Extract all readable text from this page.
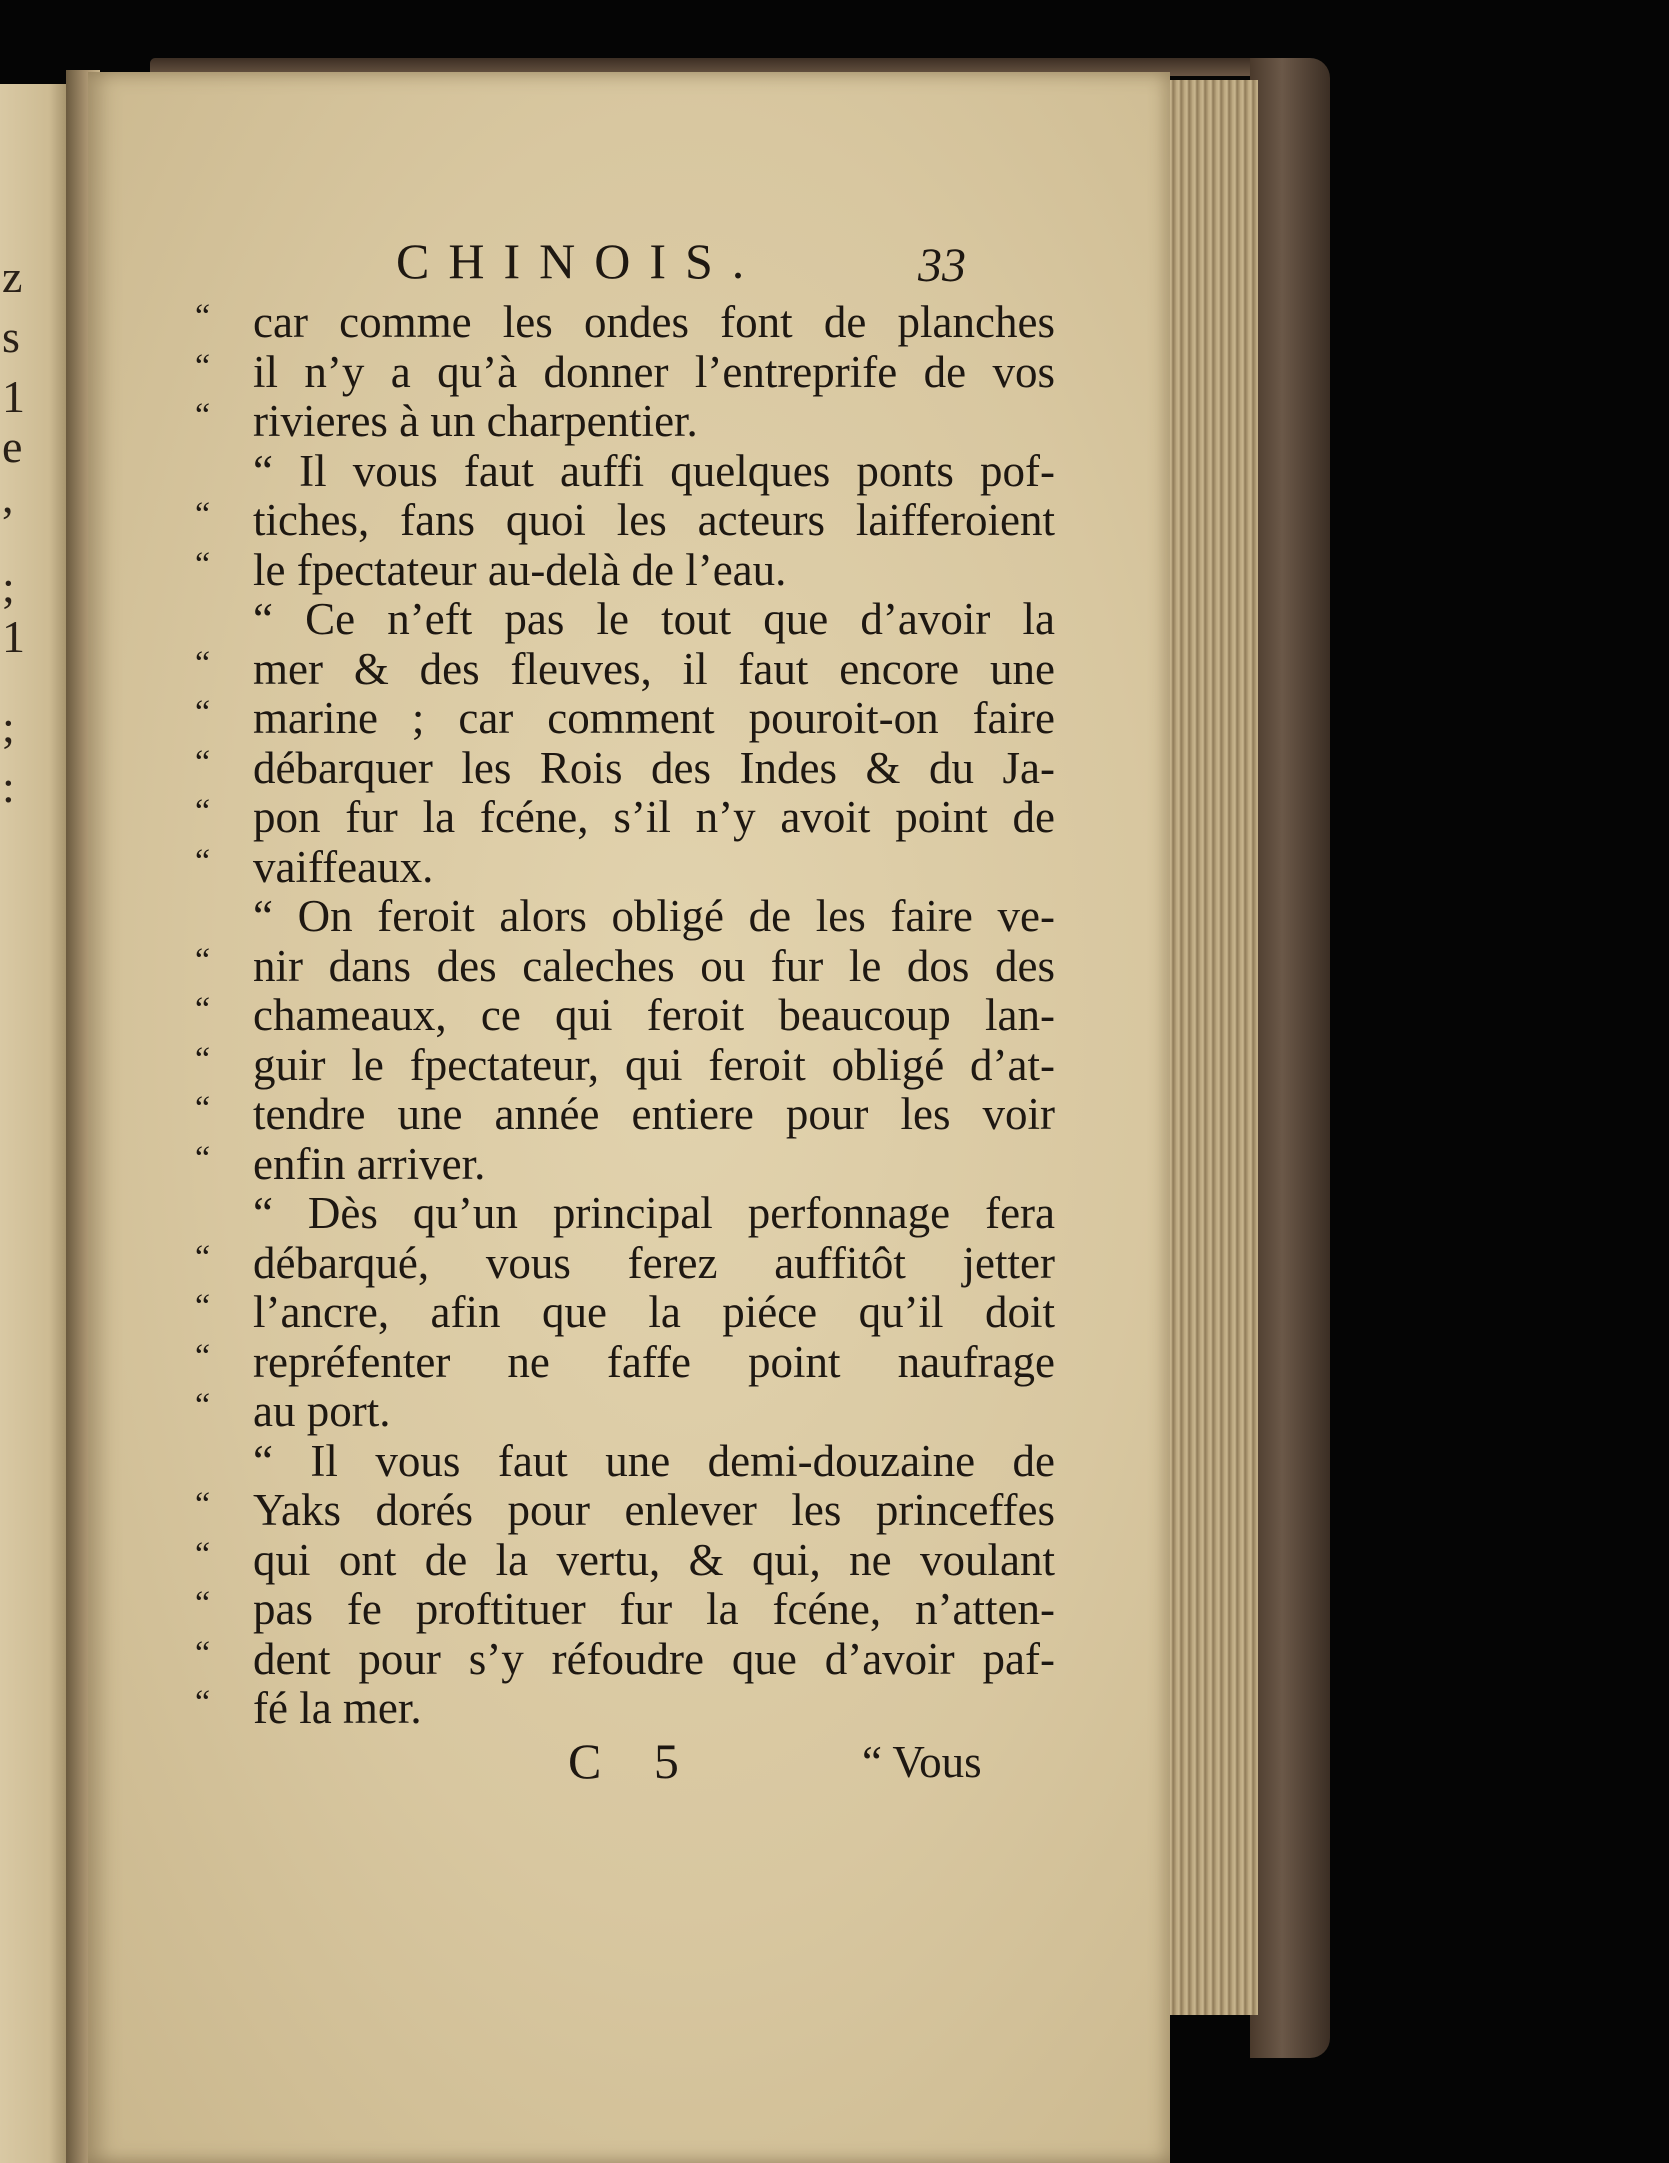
z
s
1
e
,
;
1
;
:
CHINOIS.	33
“ car comme les ondes font de planches
“ il n’y a qu’à donner l’entreprife de vos
“ rivieres à un charpentier.
“ Il vous faut auffi quelques ponts pof-
“ tiches, fans quoi les acteurs laifferoient
“ le fpectateur au-delà de l’eau.
“ Ce n’eft pas le tout que d’avoir la
“ mer & des fleuves, il faut encore une
“ marine ; car comment pouroit-on faire
“ débarquer les Rois des Indes & du Ja-
“ pon fur la fcéne, s’il n’y avoit point de
“ vaiffeaux.
“ On feroit alors obligé de les faire ve-
“ nir dans des caleches ou fur le dos des
“ chameaux, ce qui feroit beaucoup lan-
“ guir le fpectateur, qui feroit obligé d’at-
“ tendre une année entiere pour les voir
“ enfin arriver.
“ Dès qu’un principal perfonnage fera
“ débarqué, vous ferez auffitôt jetter
“ l’ancre, afin que la piéce qu’il doit
“ repréfenter ne faffe point naufrage
“ au port.
“ Il vous faut une demi-douzaine de
“ Yaks dorés pour enlever les princeffes
“ qui ont de la vertu, & qui, ne voulant
“ pas fe proftituer fur la fcéne, n’atten-
“ dent pour s’y réfoudre que d’avoir paf-
“ fé la mer.
C 5	“ Vous
